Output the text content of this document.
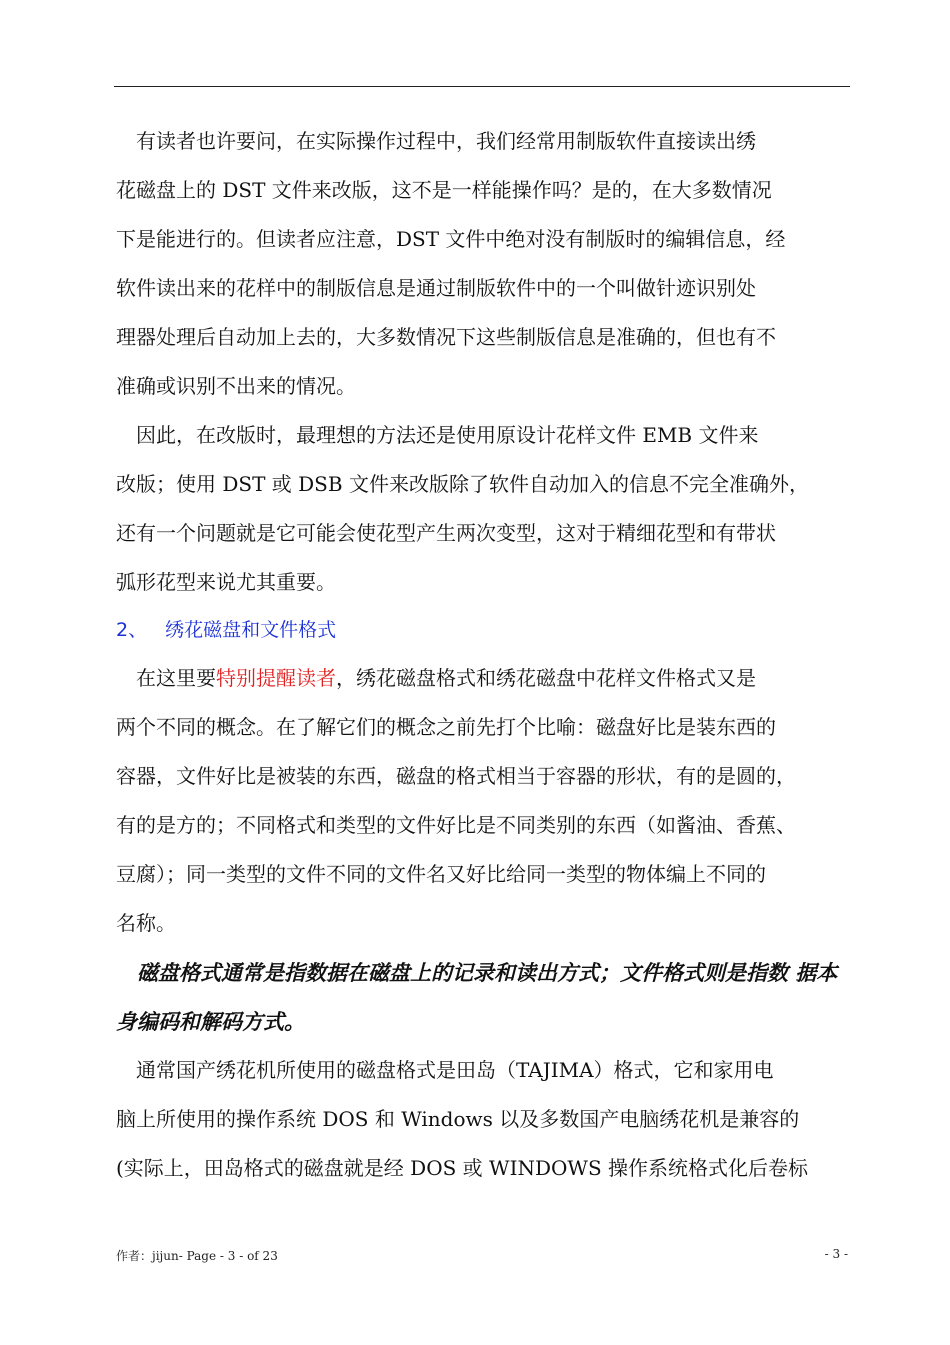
　有读者也许要问，在实际操作过程中，我们经常用制版软件直接读出绣
花磁盘上的 DST 文件来改版，这不是一样能操作吗？是的，在大多数情况
下是能进行的。但读者应注意，DST 文件中绝对没有制版时的编辑信息，经
软件读出来的花样中的制版信息是通过制版软件中的一个叫做针迹识别处
理器处理后自动加上去的，大多数情况下这些制版信息是准确的，但也有不
准确或识别不出来的情况。
　因此，在改版时，最理想的方法还是使用原设计花样文件 EMB 文件来
改版；使用 DST 或 DSB 文件来改版除了软件自动加入的信息不完全准确外，
还有一个问题就是它可能会使花型产生两次变型，这对于精细花型和有带状
弧形花型来说尤其重要。
2、 绣花磁盘和文件格式
　在这里要特别提醒读者，绣花磁盘格式和绣花磁盘中花样文件格式又是
两个不同的概念。在了解它们的概念之前先打个比喻：磁盘好比是装东西的
容器，文件好比是被装的东西，磁盘的格式相当于容器的形状，有的是圆的，
有的是方的；不同格式和类型的文件好比是不同类别的东西（如酱油、香蕉、
豆腐）；同一类型的文件不同的文件名又好比给同一类型的物体编上不同的
名称。
　磁盘格式通常是指数据在磁盘上的记录和读出方式；文件格式则是指数 据本身编码和解码方式。
　通常国产绣花机所使用的磁盘格式是田岛（TAJIMA）格式，它和家用电
脑上所使用的操作系统 DOS 和 Windows 以及多数国产电脑绣花机是兼容的
(实际上，田岛格式的磁盘就是经 DOS 或 WINDOWS 操作系统格式化后卷标
作者：jijun- Page - 3 - of 23	- 3 -
